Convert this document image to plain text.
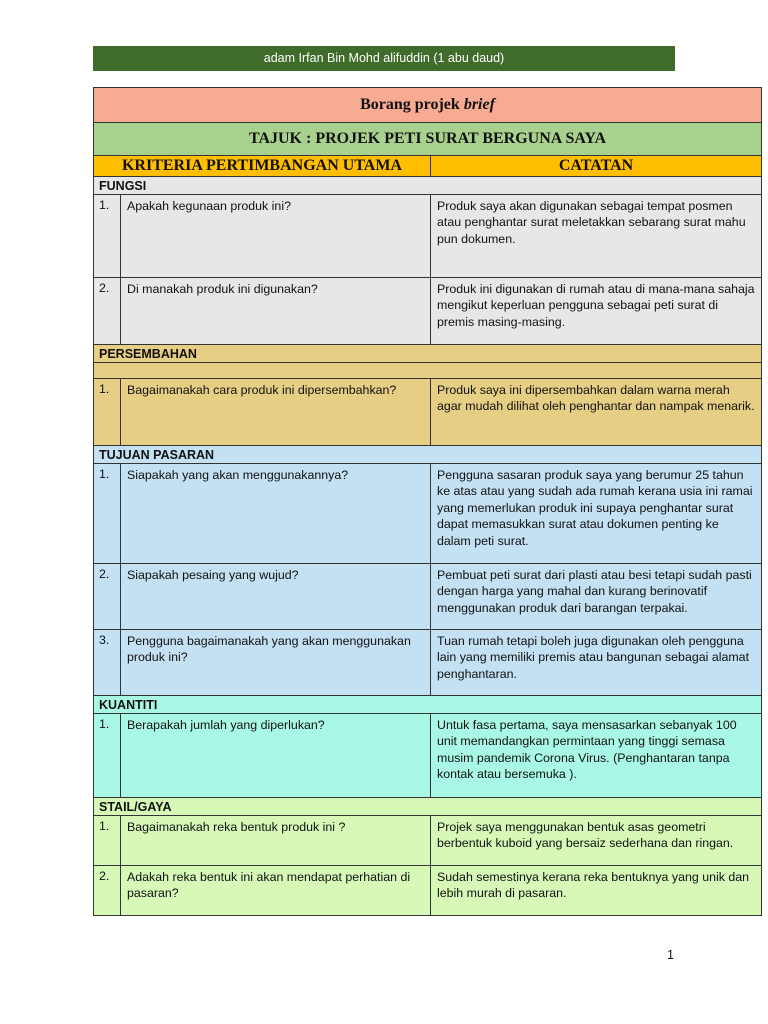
adam Irfan Bin Mohd alifuddin (1 abu daud)
Borang projek brief		
TAJUK : PROJEK PETI SURAT BERGUNA SAYA		
KRITERIA PERTIMBANGAN UTAMA		CATATAN
FUNGSI		
1.	Apakah kegunaan produk ini?	Produk saya akan digunakan sebagai tempat posmen atau penghantar surat meletakkan sebarang surat mahu pun dokumen.
2.	Di manakah produk ini digunakan?	Produk ini digunakan di rumah atau di mana-mana sahaja mengikut keperluan pengguna sebagai peti surat di premis masing-masing.
PERSEMBAHAN		

1.	Bagaimanakah cara produk ini dipersembahkan?	Produk saya ini dipersembahkan dalam warna merah agar mudah dilihat oleh penghantar dan nampak menarik.
TUJUAN PASARAN		
1.	Siapakah yang akan menggunakannya?	Pengguna sasaran produk saya yang berumur 25 tahun ke atas atau yang sudah ada rumah kerana usia ini ramai yang memerlukan produk ini supaya penghantar surat dapat memasukkan surat atau dokumen penting ke dalam peti surat.
2.	Siapakah pesaing yang wujud?	Pembuat peti surat dari plasti atau besi tetapi sudah pasti dengan harga yang mahal dan kurang berinovatif menggunakan produk dari barangan terpakai.
3.	Pengguna bagaimanakah yang akan menggunakan produk ini?	Tuan rumah tetapi boleh juga digunakan oleh pengguna lain yang memiliki premis atau bangunan sebagai alamat penghantaran.
KUANTITI		
1.	Berapakah jumlah yang diperlukan?	Untuk fasa pertama, saya mensasarkan sebanyak 100 unit memandangkan permintaan yang tinggi semasa musim pandemik Corona Virus. (Penghantaran tanpa kontak atau bersemuka ).
STAIL/GAYA		
1.	Bagaimanakah reka bentuk produk ini ?	Projek saya menggunakan bentuk asas geometri berbentuk kuboid yang bersaiz sederhana dan ringan.
2.	Adakah reka bentuk ini akan mendapat perhatian di pasaran?	Sudah semestinya kerana reka bentuknya yang unik dan lebih murah di pasaran.
1
